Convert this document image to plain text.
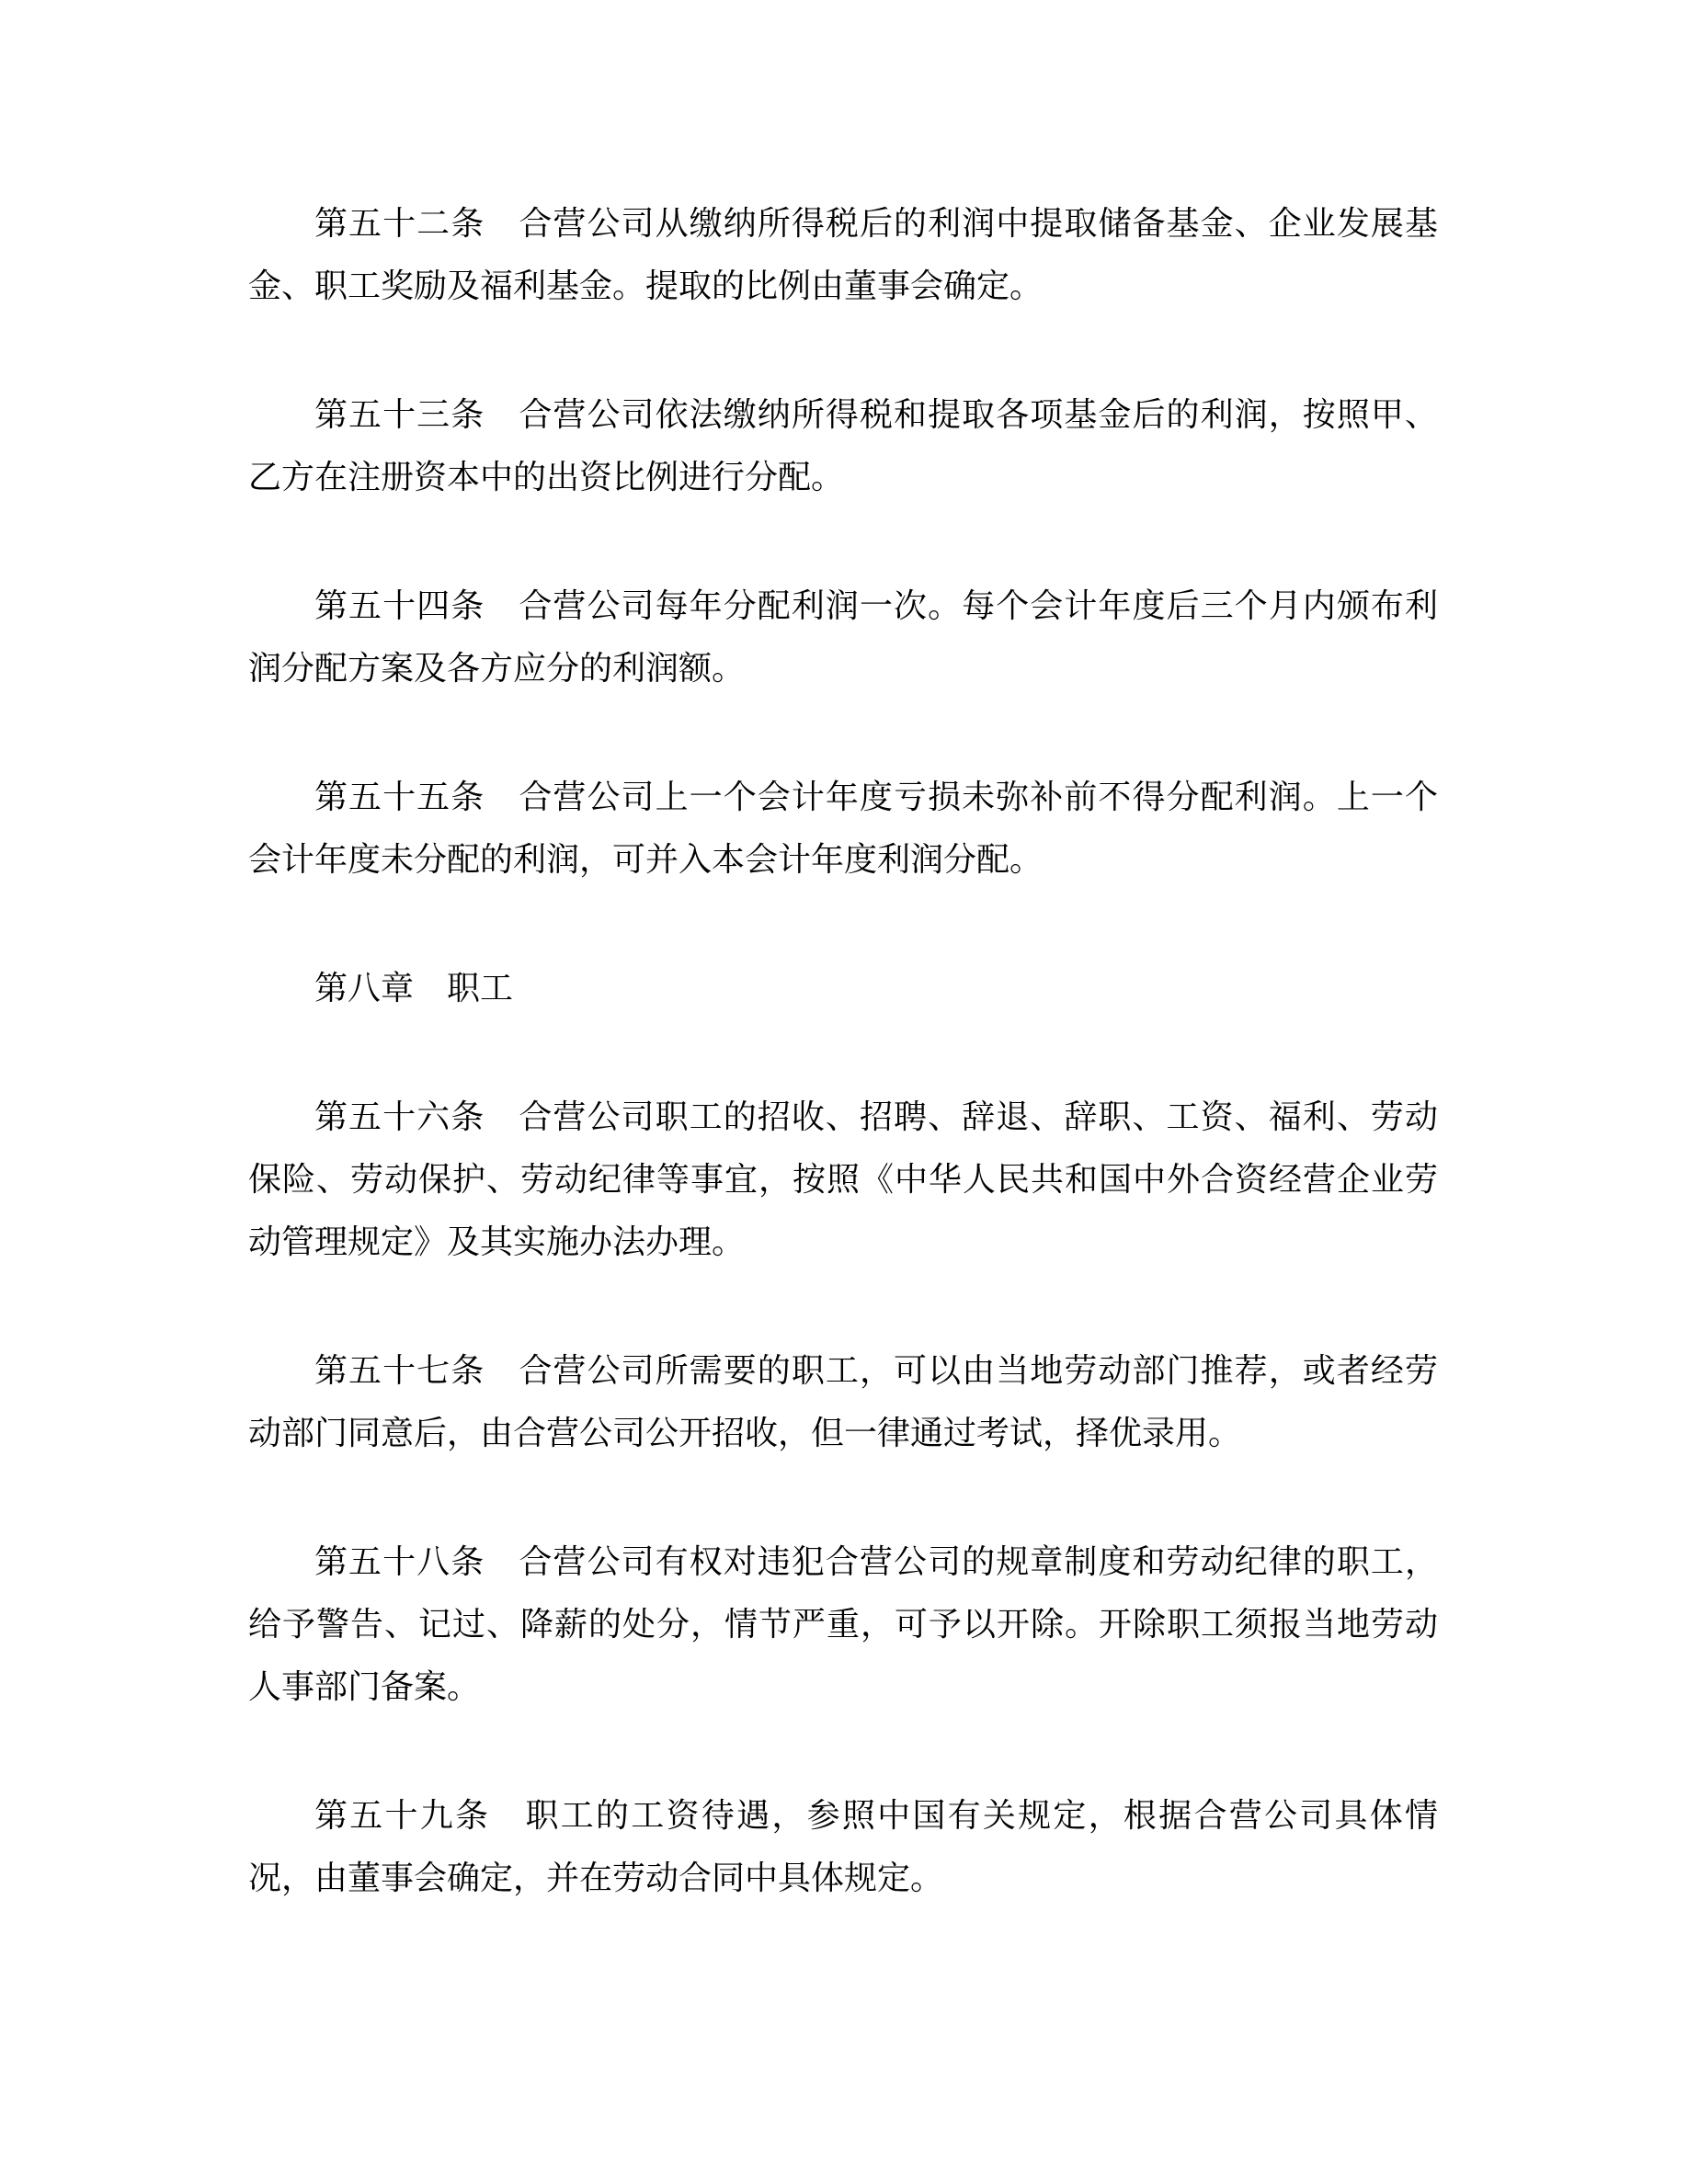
第五十二条　合营公司从缴纳所得税后的利润中提取储备基金、企业发展基金、职工奖励及福利基金。提取的比例由董事会确定。

第五十三条　合营公司依法缴纳所得税和提取各项基金后的利润，按照甲、乙方在注册资本中的出资比例进行分配。

第五十四条　合营公司每年分配利润一次。每个会计年度后三个月内颁布利润分配方案及各方应分的利润额。

第五十五条　合营公司上一个会计年度亏损未弥补前不得分配利润。上一个会计年度未分配的利润，可并入本会计年度利润分配。

第八章　职工

第五十六条　合营公司职工的招收、招聘、辞退、辞职、工资、福利、劳动保险、劳动保护、劳动纪律等事宜，按照《中华人民共和国中外合资经营企业劳动管理规定》及其实施办法办理。

第五十七条　合营公司所需要的职工，可以由当地劳动部门推荐，或者经劳动部门同意后，由合营公司公开招收，但一律通过考试，择优录用。

第五十八条　合营公司有权对违犯合营公司的规章制度和劳动纪律的职工，给予警告、记过、降薪的处分，情节严重，可予以开除。开除职工须报当地劳动人事部门备案。

第五十九条　职工的工资待遇，参照中国有关规定，根据合营公司具体情况，由董事会确定，并在劳动合同中具体规定。
